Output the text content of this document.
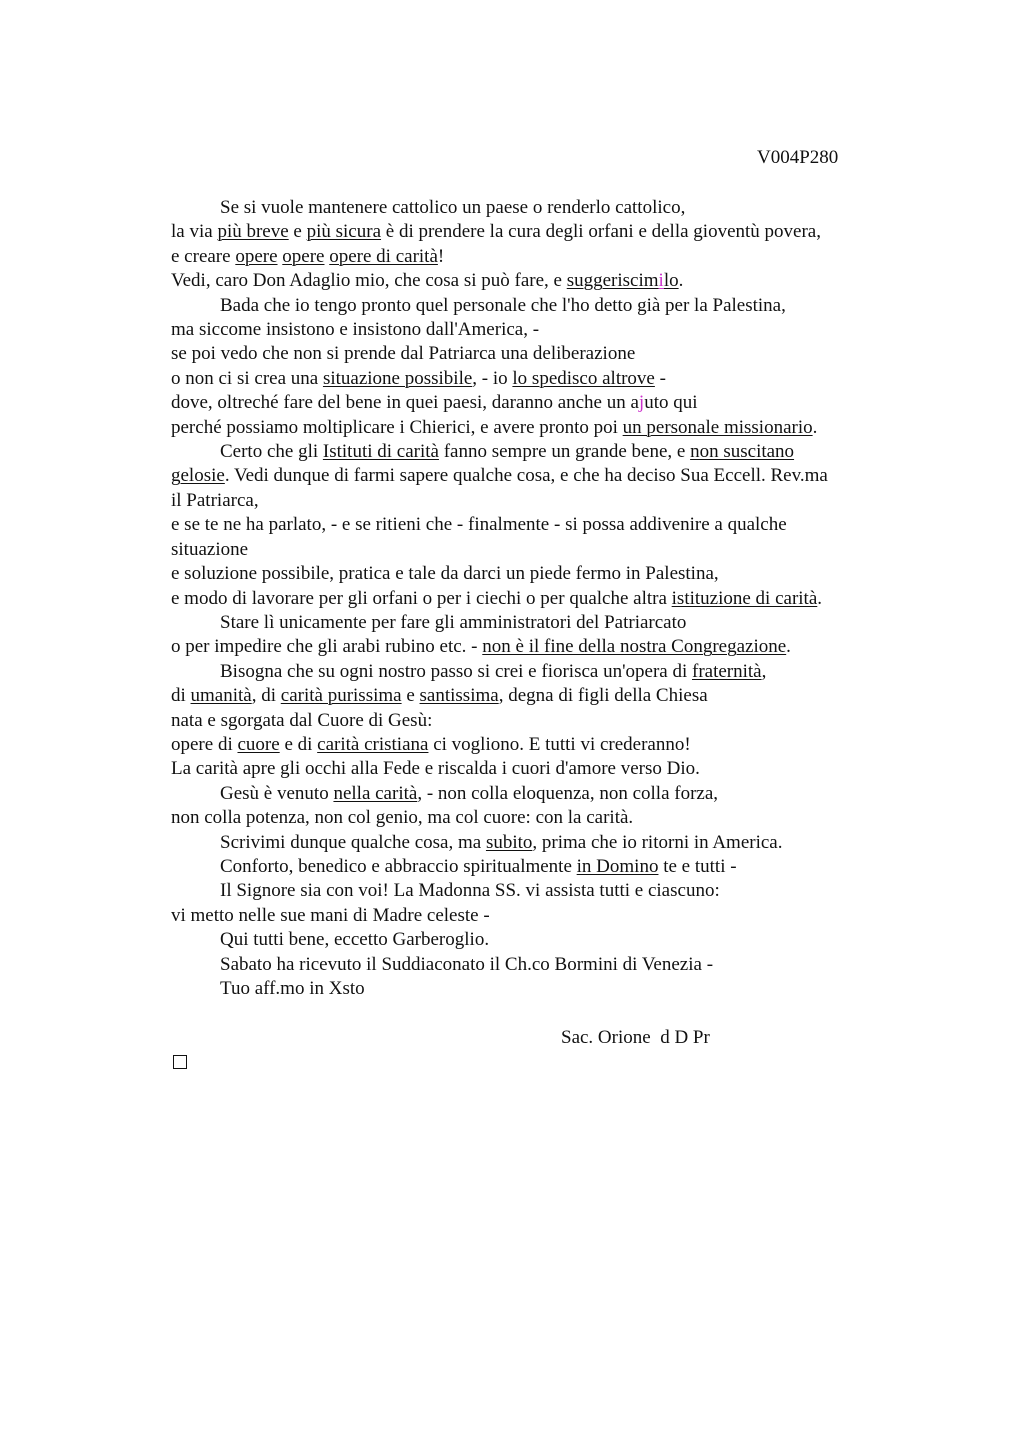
V004P280
Se si vuole mantenere cattolico un paese o renderlo cattolico,
la via più breve e più sicura è di prendere la cura degli orfani e della gioventù povera,
e creare opere opere opere di carità!
Vedi, caro Don Adaglio mio, che cosa si può fare, e suggeriscimilo.
Bada che io tengo pronto quel personale che l'ho detto già per la Palestina,
ma siccome insistono e insistono dall'America, -
se poi vedo che non si prende dal Patriarca una deliberazione
o non ci si crea una situazione possibile, - io lo spedisco altrove -
dove, oltreché fare del bene in quei paesi, daranno anche un ajuto qui
perché possiamo moltiplicare i Chierici, e avere pronto poi un personale missionario.
Certo che gli Istituti di carità fanno sempre un grande bene, e non suscitano
gelosie. Vedi dunque di farmi sapere qualche cosa, e che ha deciso Sua Eccell. Rev.ma
il Patriarca,
e se te ne ha parlato, - e se ritieni che - finalmente - si possa addivenire a qualche
situazione
e soluzione possibile, pratica e tale da darci un piede fermo in Palestina,
e modo di lavorare per gli orfani o per i ciechi o per qualche altra istituzione di carità.
Stare lì unicamente per fare gli amministratori del Patriarcato
o per impedire che gli arabi rubino etc. - non è il fine della nostra Congregazione.
Bisogna che su ogni nostro passo si crei e fiorisca un'opera di fraternità,
di umanità, di carità purissima e santissima, degna di figli della Chiesa
nata e sgorgata dal Cuore di Gesù:
opere di cuore e di carità cristiana ci vogliono. E tutti vi crederanno!
La carità apre gli occhi alla Fede e riscalda i cuori d'amore verso Dio.
Gesù è venuto nella carità, - non colla eloquenza, non colla forza,
non colla potenza, non col genio, ma col cuore: con la carità.
Scrivimi dunque qualche cosa, ma subito, prima che io ritorni in America.
Conforto, benedico e abbraccio spiritualmente in Domino te e tutti -
Il Signore sia con voi! La Madonna SS. vi assista tutti e ciascuno:
vi metto nelle sue mani di Madre celeste -
Qui tutti bene, eccetto Garberoglio.
Sabato ha ricevuto il Suddiaconato il Ch.co Bormini di Venezia -
Tuo aff.mo in Xsto
Sac. Orione  d D Pr
